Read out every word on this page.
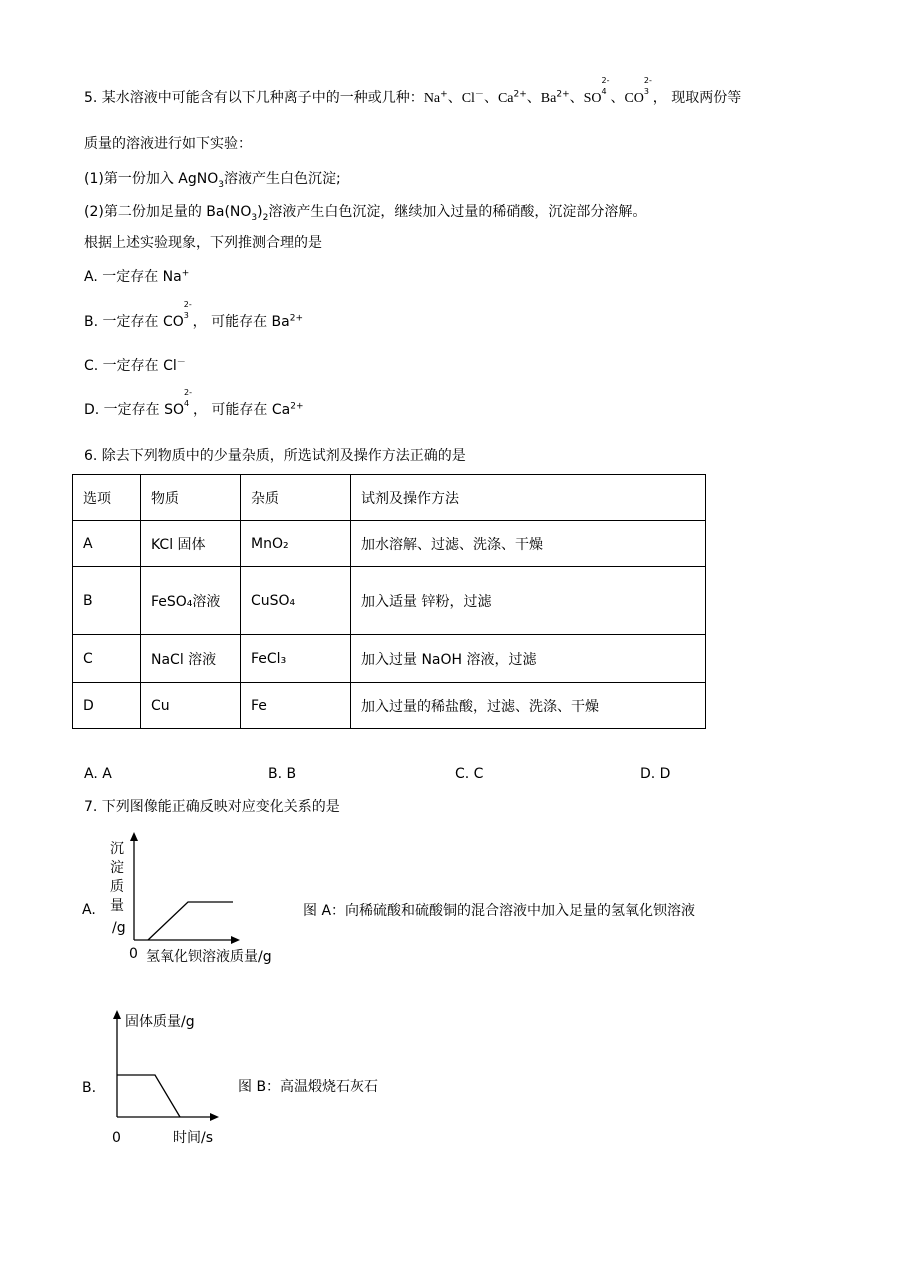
5. 某水溶液中可能含有以下几种离子中的一种或几种：Na+、Cl－、$Ca^{2+}$、$Ba^{2+}$、SO
2-
4 、CO
2-
3 ， 现取两份等
质量的溶液进行如下实验：
(1)第一份加入 AgNO$_3$溶液产生白色沉淀;
(2)第二份加足量的 $Ba(NO_3)_2$溶液产生白色沉淀，继续加入过量的稀硝酸，沉淀部分溶解。
根据上述实验现象，下列推测合理的是
A. 一定存在 Na+
B. 一定存在 CO
2-
3 ， 可能存在 $Ba^{2+}$
C. 一定存在 Cl－
D. 一定存在 SO
2-
4 ， 可能存在 $Ca^{2+}$
6. 除去下列物质中的少量杂质，所选试剂及操作方法正确的是
选项	物质	杂质	试剂及操作方法
A	KCl 固体	MnO₂	加水溶解、过滤、洗涤、干燥
B	FeSO₄溶液	CuSO₄	加入适量 锌粉，过滤
C	NaCl 溶液	FeCl₃	加入过量 NaOH 溶液，过滤
D	Cu	Fe	加入过量的稀盐酸，过滤、洗涤、干燥
A. A	B. B	C. C	D. D
7. 下列图像能正确反映对应变化关系的是
A.
沉
淀
质
量
/g
0 氢氧化钡溶液质量/g
图 A：向稀硫酸和硫酸铜的混合溶液中加入足量的氢氧化钡溶液
B.
固体质量/g
0	时间/s
图 B：高温煅烧石灰石
